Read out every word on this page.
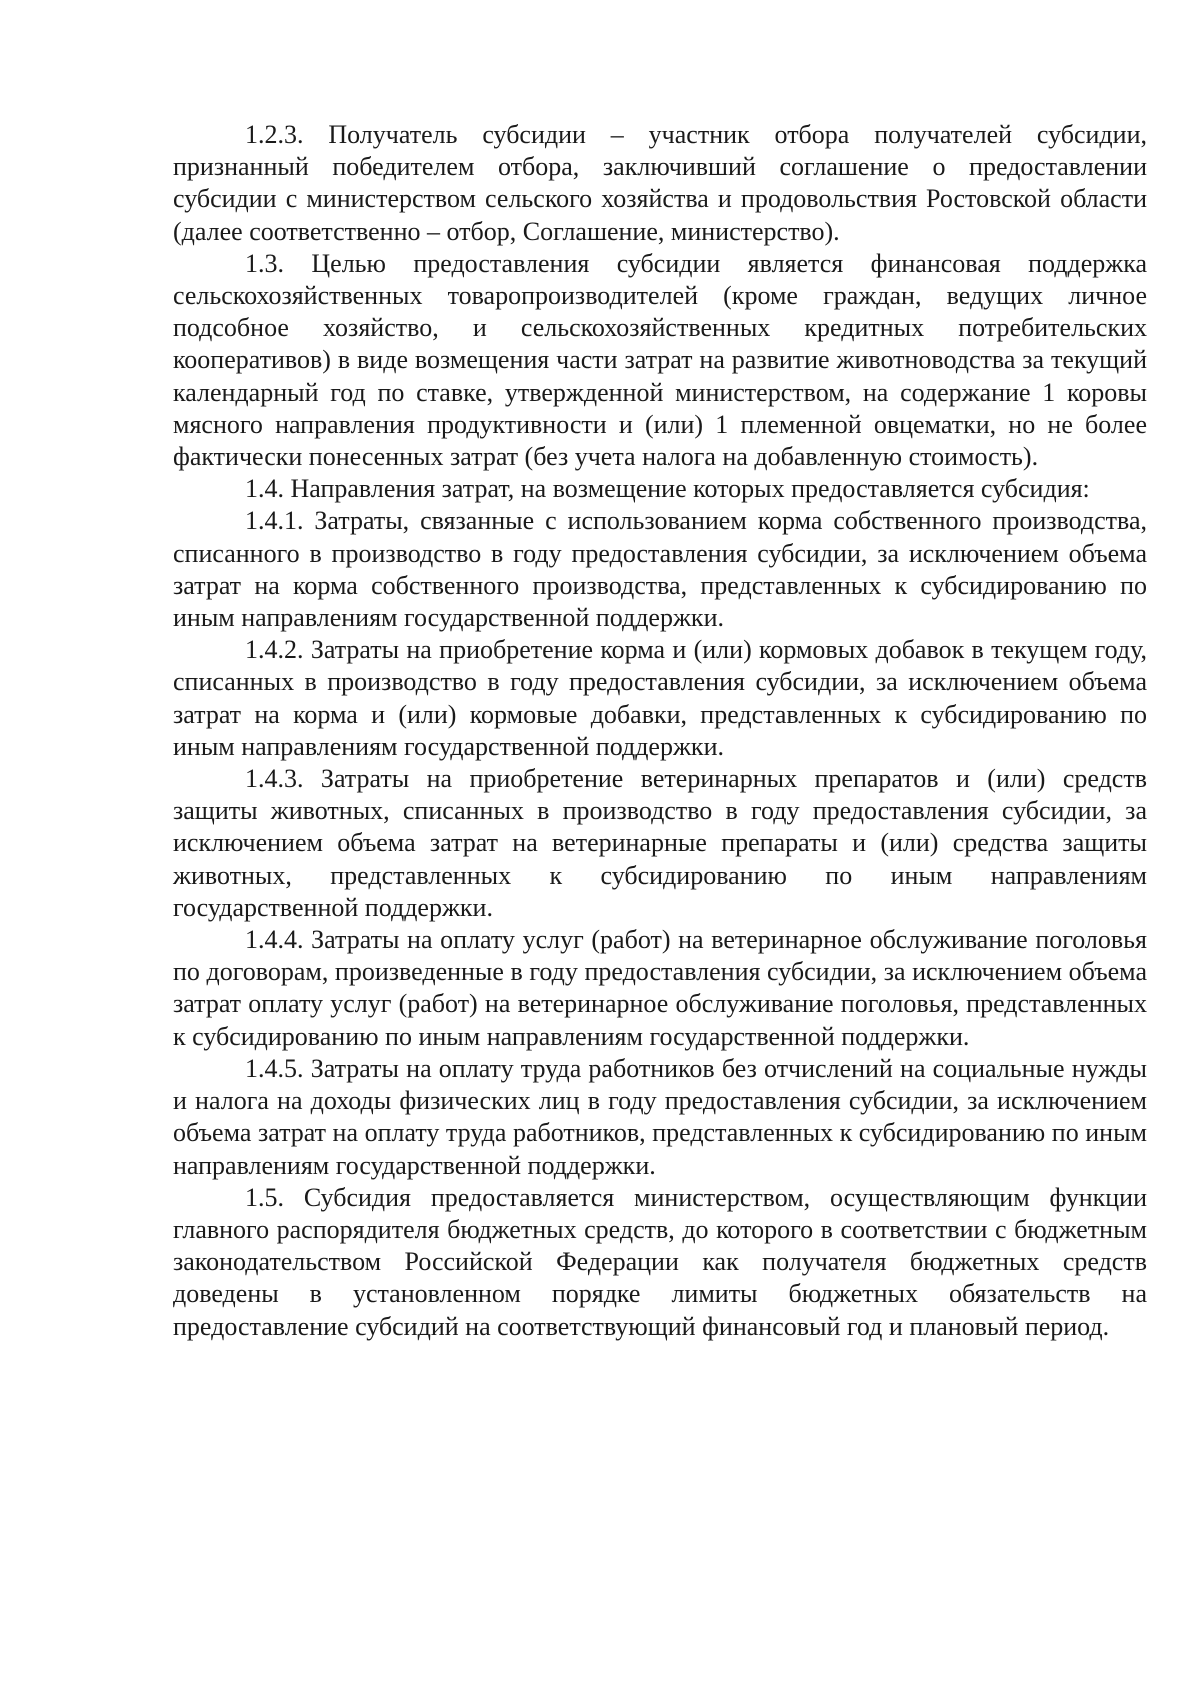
1.2.3. Получатель субсидии – участник отбора получателей субсидии, признанный победителем отбора, заключивший соглашение о предоставлении субсидии с министерством сельского хозяйства и продовольствия Ростовской области (далее соответственно – отбор, Соглашение, министерство).

1.3. Целью предоставления субсидии является финансовая поддержка сельскохозяйственных товаропроизводителей (кроме граждан, ведущих личное подсобное хозяйство, и сельскохозяйственных кредитных потребительских кооперативов) в виде возмещения части затрат на развитие животноводства за текущий календарный год по ставке, утвержденной министерством, на содержание 1 коровы мясного направления продуктивности и (или) 1 племенной овцематки, но не более фактически понесенных затрат (без учета налога на добавленную стоимость).

1.4. Направления затрат, на возмещение которых предоставляется субсидия:

1.4.1. Затраты, связанные с использованием корма собственного производства, списанного в производство в году предоставления субсидии, за исключением объема затрат на корма собственного производства, представленных к субсидированию по иным направлениям государственной поддержки.

1.4.2. Затраты на приобретение корма и (или) кормовых добавок в текущем году, списанных в производство в году предоставления субсидии, за исключением объема затрат на корма и (или) кормовые добавки, представленных к субсидированию по иным направлениям государственной поддержки.

1.4.3. Затраты на приобретение ветеринарных препаратов и (или) средств защиты животных, списанных в производство в году предоставления субсидии, за исключением объема затрат на ветеринарные препараты и (или) средства защиты животных, представленных к субсидированию по иным направлениям государственной поддержки.

1.4.4. Затраты на оплату услуг (работ) на ветеринарное обслуживание поголовья по договорам, произведенные в году предоставления субсидии, за исключением объема затрат оплату услуг (работ) на ветеринарное обслуживание поголовья, представленных к субсидированию по иным направлениям государственной поддержки.

1.4.5. Затраты на оплату труда работников без отчислений на социальные нужды и налога на доходы физических лиц в году предоставления субсидии, за исключением объема затрат на оплату труда работников, представленных к субсидированию по иным направлениям государственной поддержки.

1.5. Субсидия предоставляется министерством, осуществляющим функции главного распорядителя бюджетных средств, до которого в соответствии с бюджетным законодательством Российской Федерации как получателя бюджетных средств доведены в установленном порядке лимиты бюджетных обязательств на предоставление субсидий на соответствующий финансовый год и плановый период.
